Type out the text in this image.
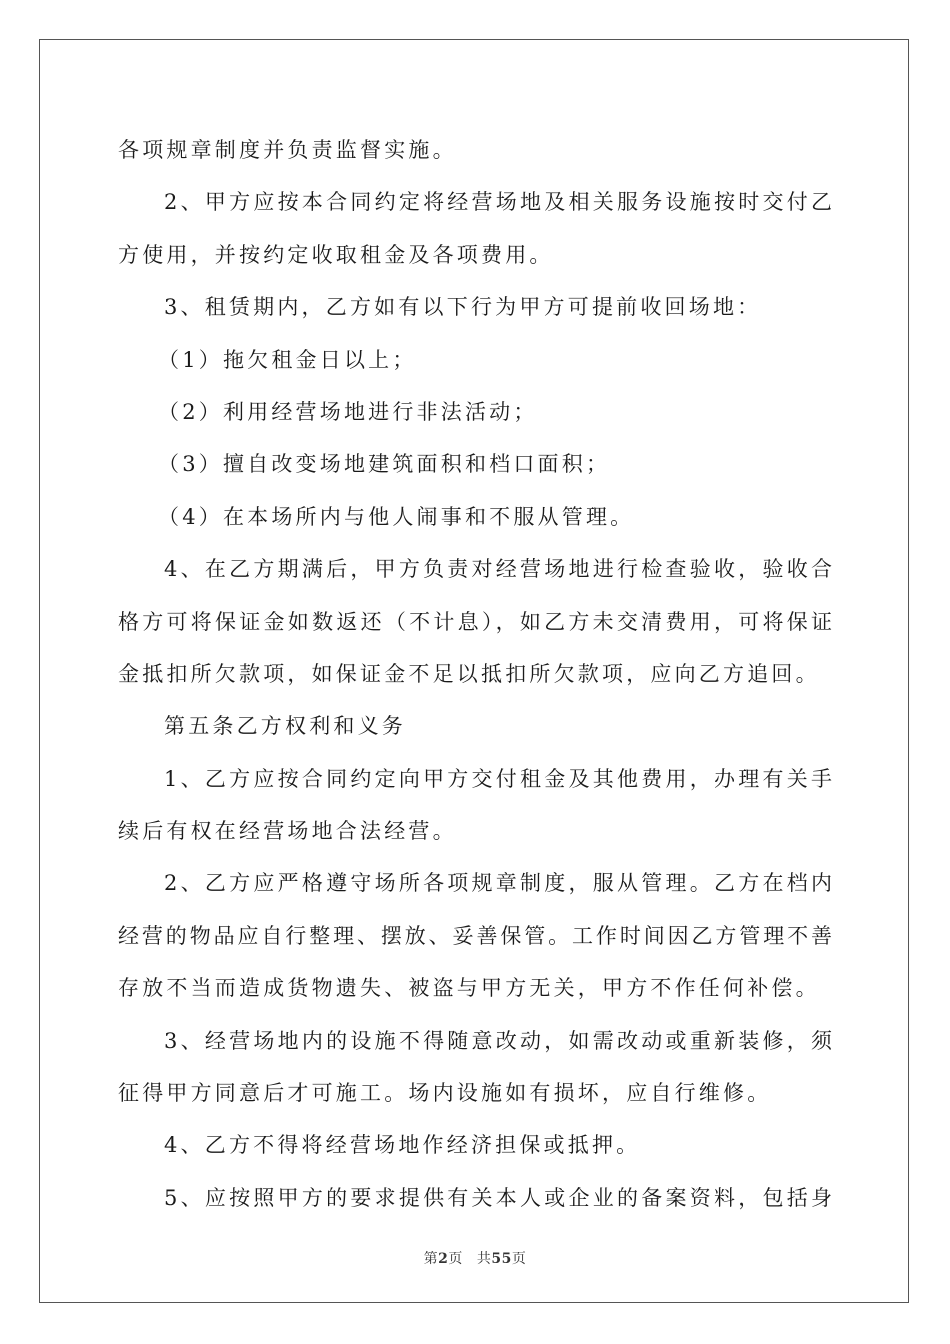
各项规章制度并负责监督实施。
2、甲方应按本合同约定将经营场地及相关服务设施按时交付乙
方使用，并按约定收取租金及各项费用。
3、租赁期内，乙方如有以下行为甲方可提前收回场地：
（1）拖欠租金日以上；
（2）利用经营场地进行非法活动；
（3）擅自改变场地建筑面积和档口面积；
（4）在本场所内与他人闹事和不服从管理。
4、在乙方期满后，甲方负责对经营场地进行检查验收，验收合
格方可将保证金如数返还（不计息），如乙方未交清费用，可将保证
金抵扣所欠款项，如保证金不足以抵扣所欠款项，应向乙方追回。
第五条乙方权利和义务
1、乙方应按合同约定向甲方交付租金及其他费用，办理有关手
续后有权在经营场地合法经营。
2、乙方应严格遵守场所各项规章制度，服从管理。乙方在档内
经营的物品应自行整理、摆放、妥善保管。工作时间因乙方管理不善
存放不当而造成货物遗失、被盗与甲方无关，甲方不作任何补偿。
3、经营场地内的设施不得随意改动，如需改动或重新装修，须
征得甲方同意后才可施工。场内设施如有损坏，应自行维修。
4、乙方不得将经营场地作经济担保或抵押。
5、应按照甲方的要求提供有关本人或企业的备案资料，包括身
第2页 共55页
